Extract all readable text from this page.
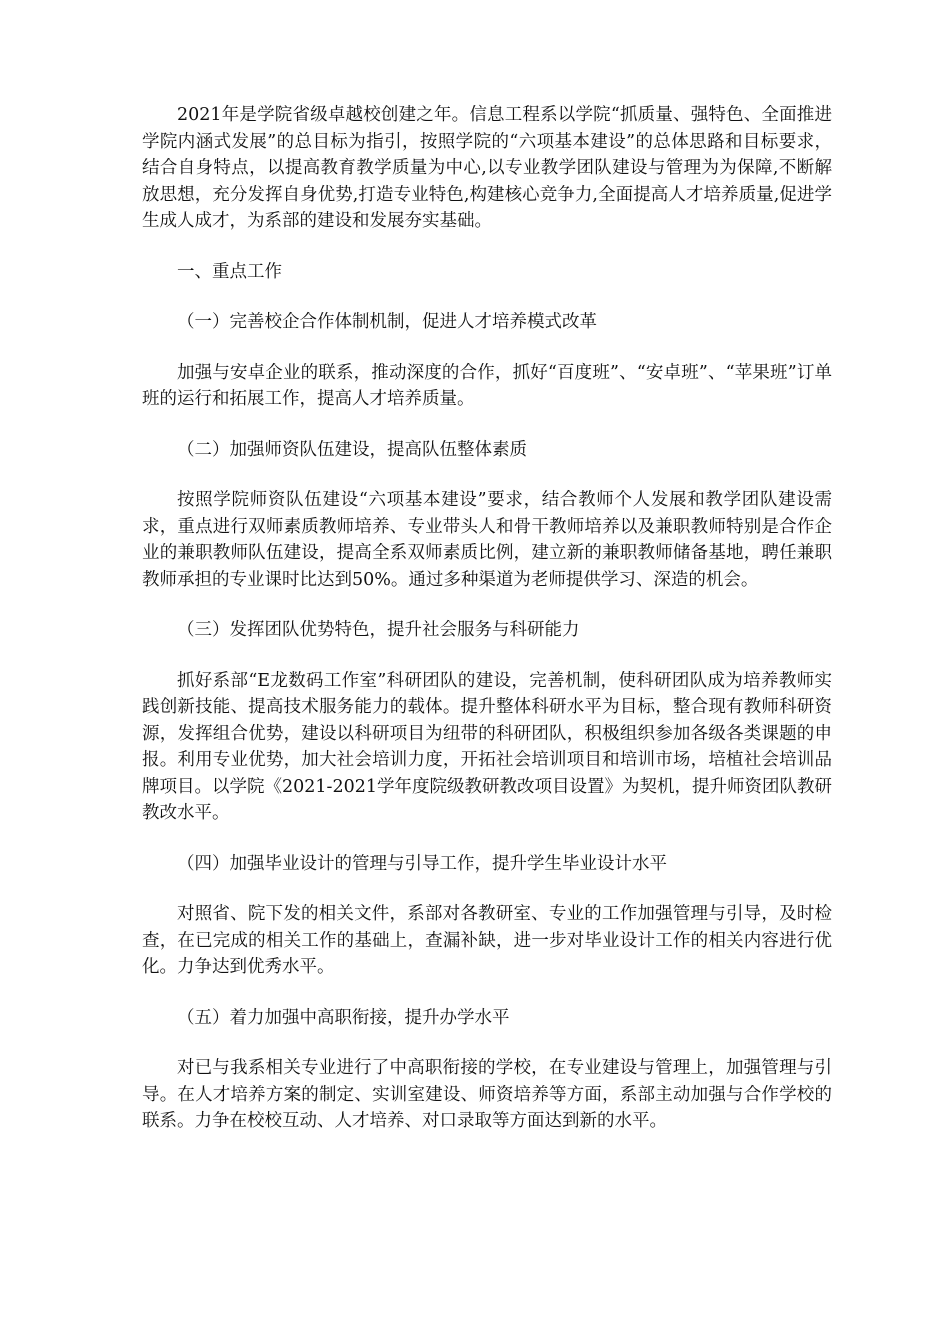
2021年是学院省级卓越校创建之年。信息工程系以学院“抓质量、强特色、全面推进学院内涵式发展”的总目标为指引，按照学院的“六项基本建设”的总体思路和目标要求，结合自身特点，以提高教育教学质量为中心,以专业教学团队建设与管理为为保障,不断解放思想，充分发挥自身优势,打造专业特色,构建核心竞争力,全面提高人才培养质量,促进学生成人成才，为系部的建设和发展夯实基础。

一、重点工作

（一）完善校企合作体制机制，促进人才培养模式改革

加强与安卓企业的联系，推动深度的合作，抓好“百度班”、“安卓班”、“苹果班”订单班的运行和拓展工作，提高人才培养质量。

（二）加强师资队伍建设，提高队伍整体素质

按照学院师资队伍建设“六项基本建设”要求，结合教师个人发展和教学团队建设需求，重点进行双师素质教师培养、专业带头人和骨干教师培养以及兼职教师特别是合作企业的兼职教师队伍建设，提高全系双师素质比例，建立新的兼职教师储备基地，聘任兼职教师承担的专业课时比达到50%。通过多种渠道为老师提供学习、深造的机会。

（三）发挥团队优势特色，提升社会服务与科研能力

抓好系部“E龙数码工作室”科研团队的建设，完善机制，使科研团队成为培养教师实践创新技能、提高技术服务能力的载体。提升整体科研水平为目标，整合现有教师科研资源，发挥组合优势，建设以科研项目为纽带的科研团队，积极组织参加各级各类课题的申报。利用专业优势，加大社会培训力度，开拓社会培训项目和培训市场，培植社会培训品牌项目。以学院《2021-2021学年度院级教研教改项目设置》为契机，提升师资团队教研教改水平。

（四）加强毕业设计的管理与引导工作，提升学生毕业设计水平

对照省、院下发的相关文件，系部对各教研室、专业的工作加强管理与引导，及时检查，在已完成的相关工作的基础上，查漏补缺，进一步对毕业设计工作的相关内容进行优化。力争达到优秀水平。

（五）着力加强中高职衔接，提升办学水平

对已与我系相关专业进行了中高职衔接的学校，在专业建设与管理上，加强管理与引导。在人才培养方案的制定、实训室建设、师资培养等方面，系部主动加强与合作学校的联系。力争在校校互动、人才培养、对口录取等方面达到新的水平。
